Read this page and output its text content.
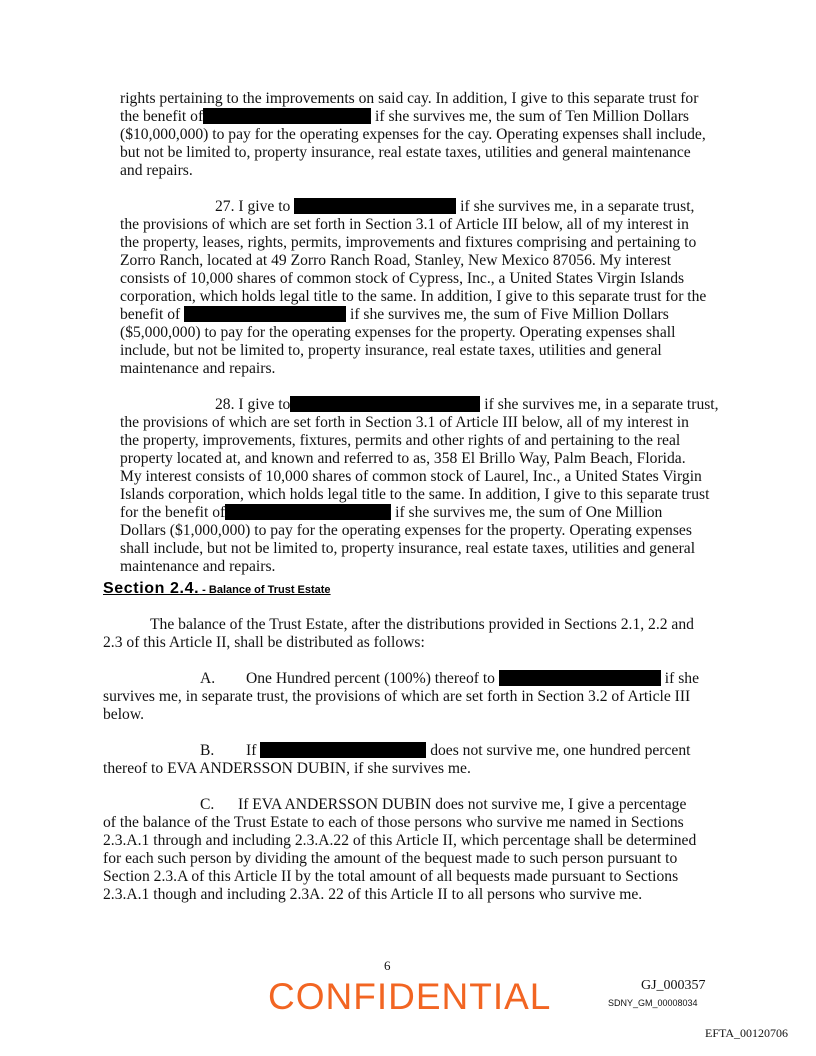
rights pertaining to the improvements on said cay. In addition, I give to this separate trust for
the benefit of	if she survives me, the sum of Ten Million Dollars
($10,000,000) to pay for the operating expenses for the cay. Operating expenses shall include,
but not be limited to, property insurance, real estate taxes, utilities and general maintenance
and repairs.
27. I give to	if she survives me, in a separate trust,
the provisions of which are set forth in Section 3.1 of Article III below, all of my interest in
the property, leases, rights, permits, improvements and fixtures comprising and pertaining to
Zorro Ranch, located at 49 Zorro Ranch Road, Stanley, New Mexico 87056. My interest
consists of 10,000 shares of common stock of Cypress, Inc., a United States Virgin Islands
corporation, which holds legal title to the same. In addition, I give to this separate trust for the
benefit of	if she survives me, the sum of Five Million Dollars
($5,000,000) to pay for the operating expenses for the property. Operating expenses shall
include, but not be limited to, property insurance, real estate taxes, utilities and general
maintenance and repairs.
28. I give to	if she survives me, in a separate trust,
the provisions of which are set forth in Section 3.1 of Article III below, all of my interest in
the property, improvements, fixtures, permits and other rights of and pertaining to the real
property located at, and known and referred to as, 358 El Brillo Way, Palm Beach, Florida.
My interest consists of 10,000 shares of common stock of Laurel, Inc., a United States Virgin
Islands corporation, which holds legal title to the same. In addition, I give to this separate trust
for the benefit of	if she survives me, the sum of One Million
Dollars ($1,000,000) to pay for the operating expenses for the property. Operating expenses
shall include, but not be limited to, property insurance, real estate taxes, utilities and general
maintenance and repairs.
Section 2.4. - Balance of Trust Estate
The balance of the Trust Estate, after the distributions provided in Sections 2.1, 2.2 and
2.3 of this Article II, shall be distributed as follows:
A. One Hundred percent (100%) thereof to	if she
survives me, in separate trust, the provisions of which are set forth in Section 3.2 of Article III
below.
B. If	does not survive me, one hundred percent
thereof to EVA ANDERSSON DUBIN, if she survives me.
C. If EVA ANDERSSON DUBIN does not survive me, I give a percentage
of the balance of the Trust Estate to each of those persons who survive me named in Sections
2.3.A.1 through and including 2.3.A.22 of this Article II, which percentage shall be determined
for each such person by dividing the amount of the bequest made to such person pursuant to
Section 2.3.A of this Article II by the total amount of all bequests made pursuant to Sections
2.3.A.1 though and including 2.3A. 22 of this Article II to all persons who survive me.
6
CONFIDENTIAL	GJ_000357
SDNY_GM_00008034
EFTA_00120706
